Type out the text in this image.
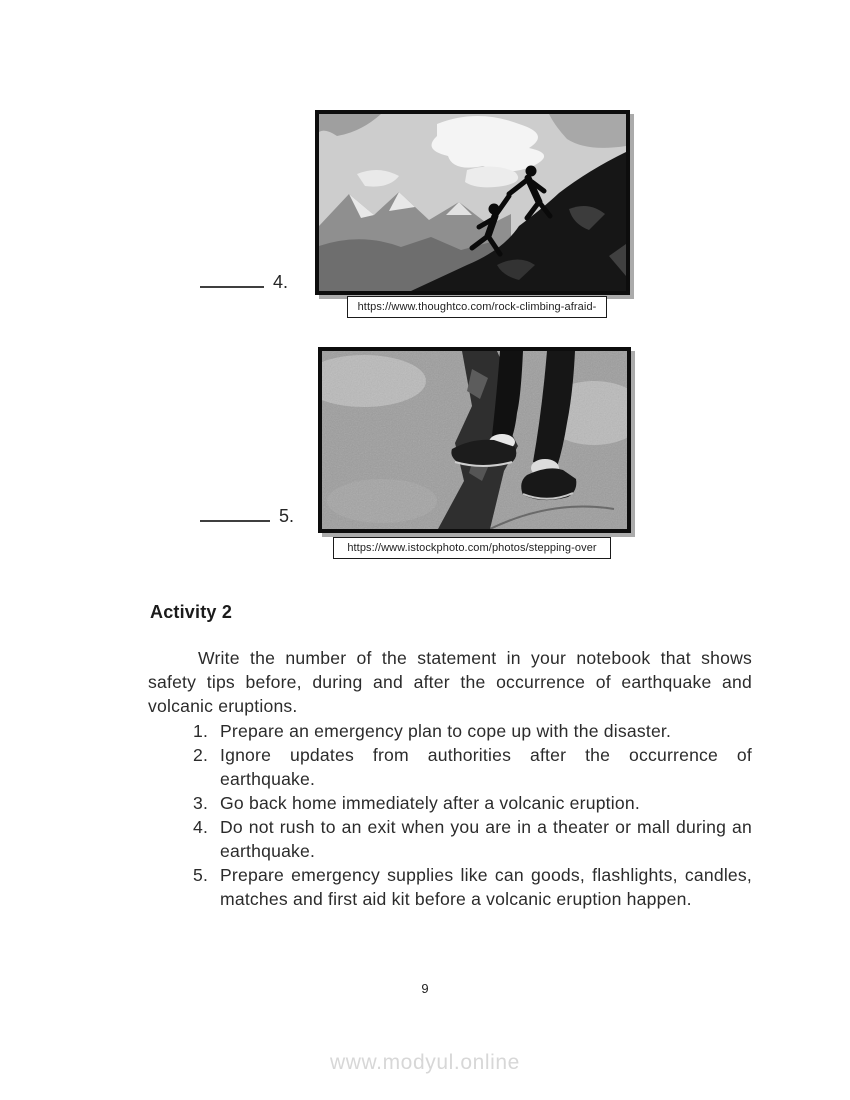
https://www.thoughtco.com/rock-climbing-afraid-
4.
https://www.istockphoto.com/photos/stepping-over
5.
Activity 2

Write the number of the statement in your notebook that shows safety tips before, during and after the occurrence of earthquake and volcanic eruptions.

1. Prepare an emergency plan to cope up with the disaster.
2. Ignore updates from authorities after the occurrence of earthquake.
3. Go back home immediately after a volcanic eruption.
4. Do not rush to an exit when you are in a theater or mall during an earthquake.
5. Prepare emergency supplies like can goods, flashlights, candles, matches and first aid kit before a volcanic eruption happen.
9
www.modyul.online
